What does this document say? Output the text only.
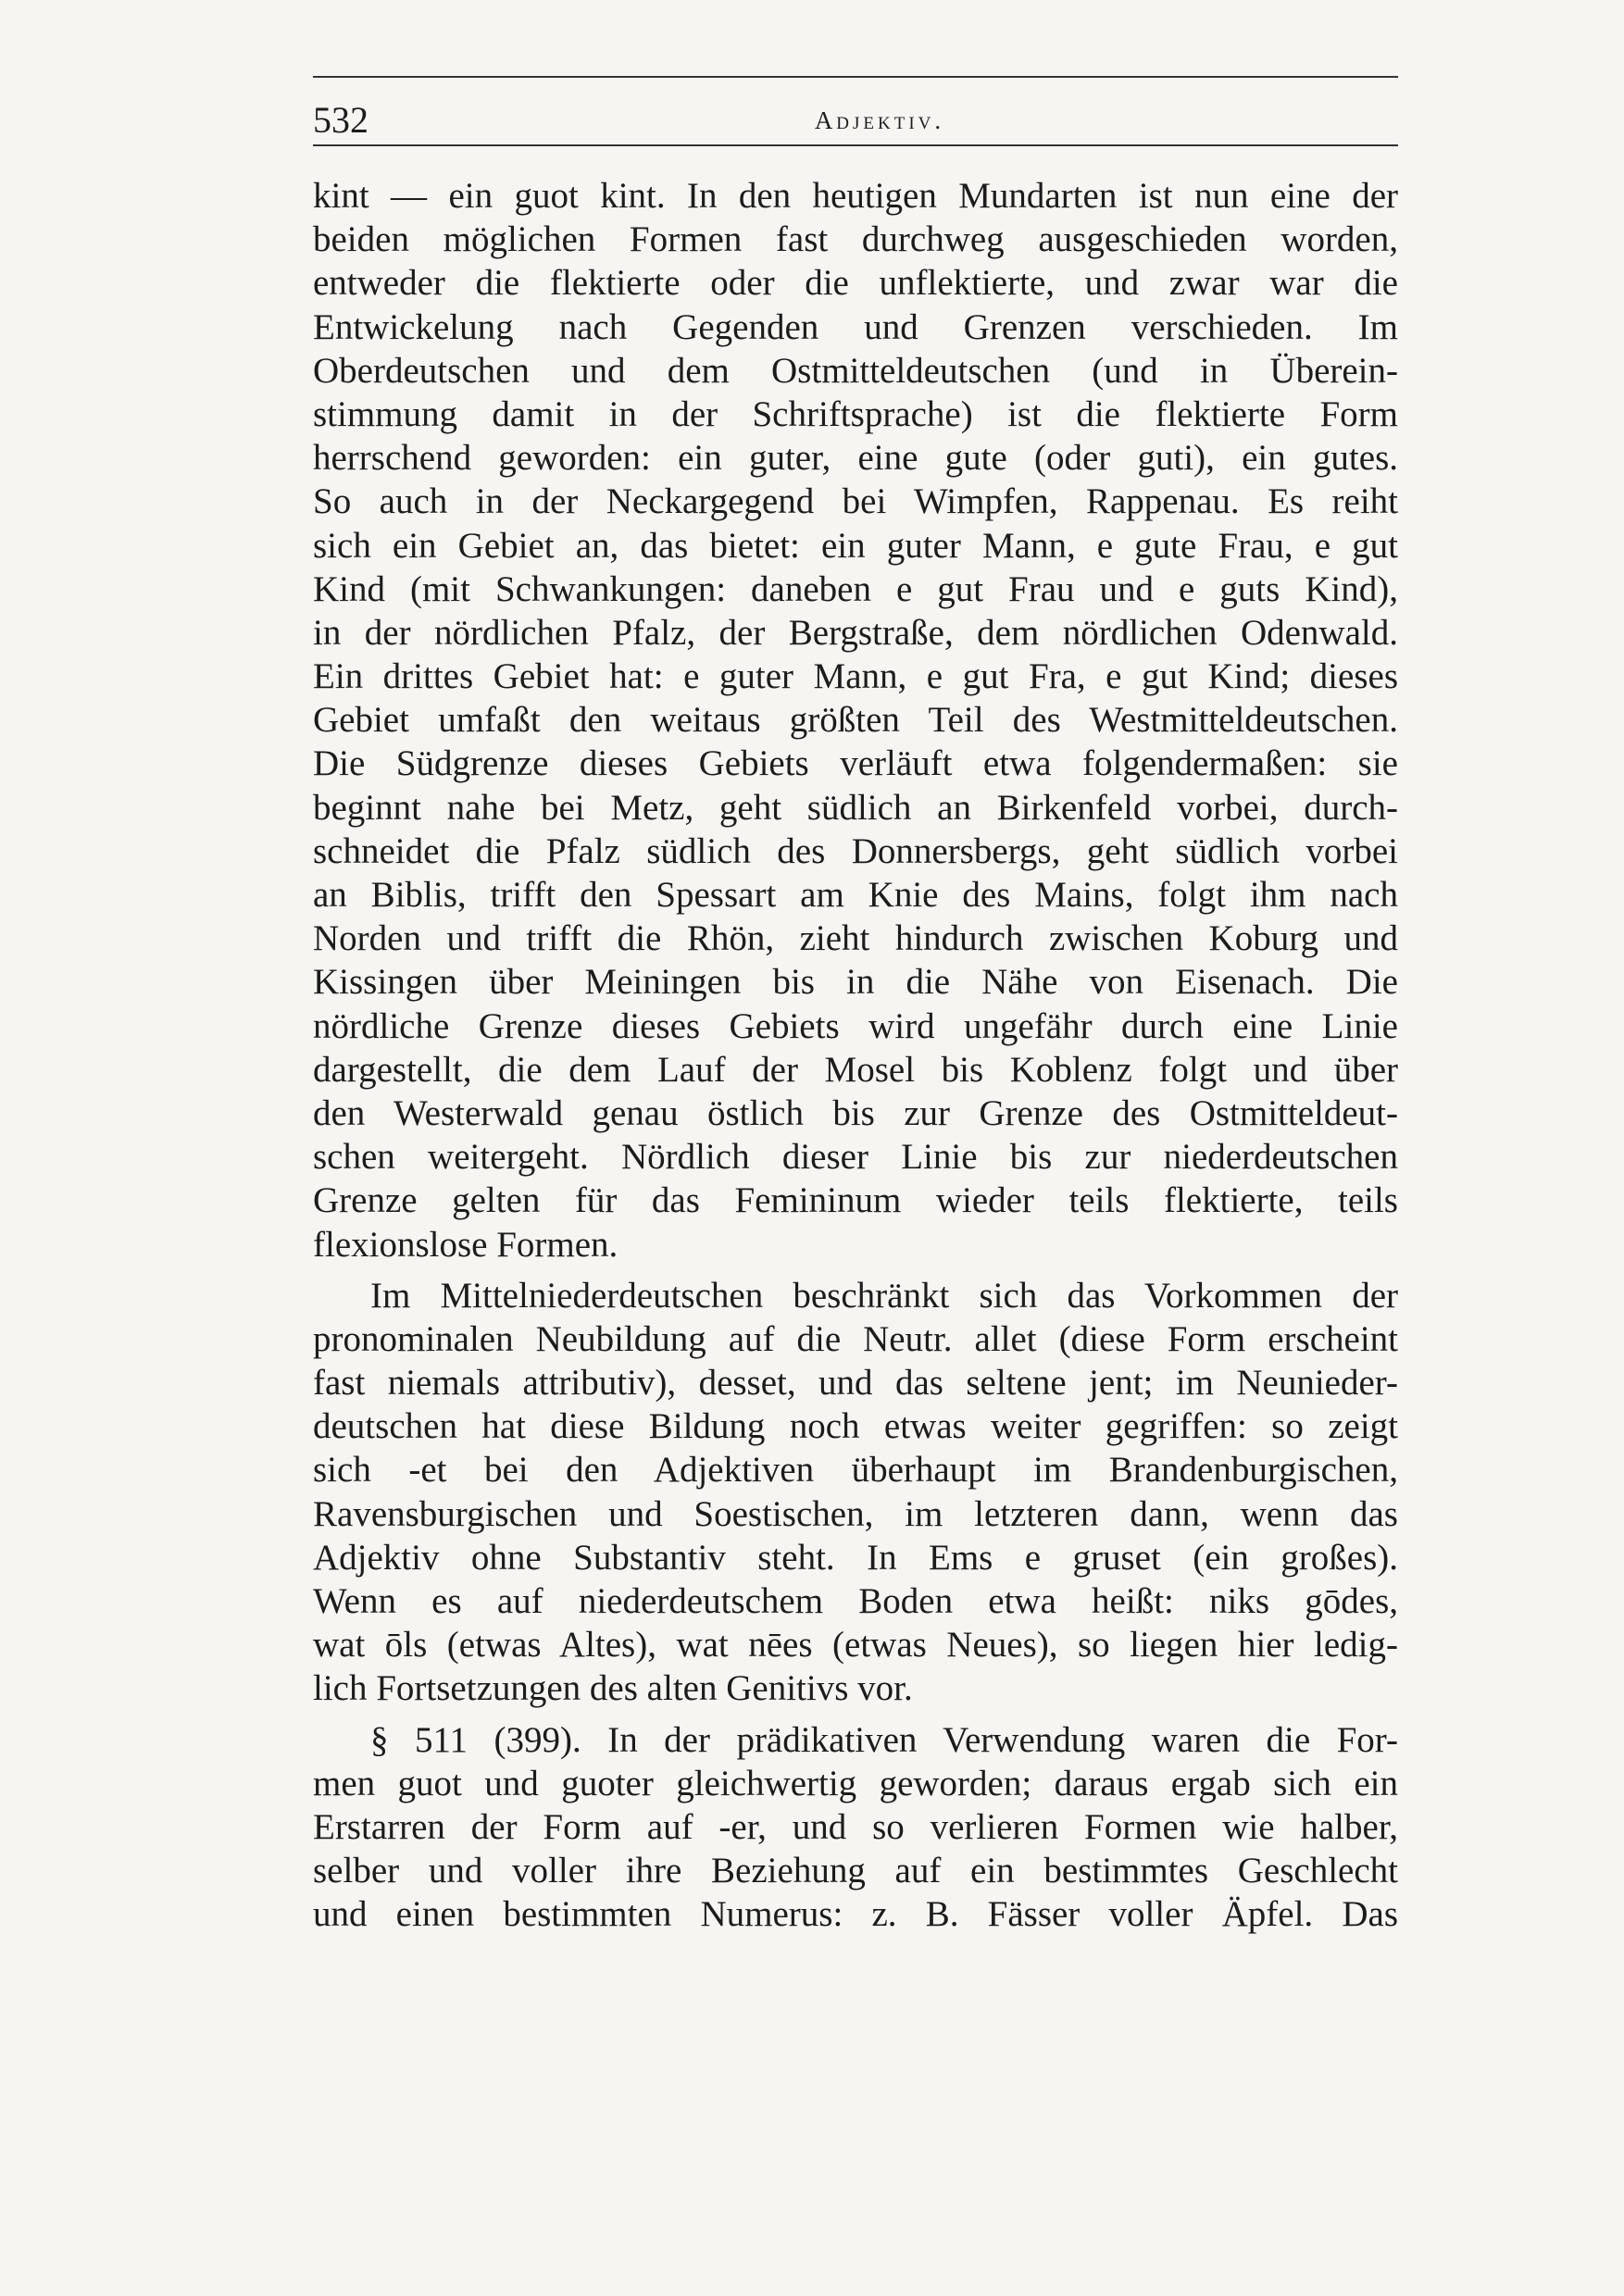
532	Adjektiv.
kint — ein guot kint. In den heutigen Mundarten ist nun eine der
beiden möglichen Formen fast durchweg ausgeschieden worden,
entweder die flektierte oder die unflektierte, und zwar war die
Entwickelung nach Gegenden und Grenzen verschieden. Im
Oberdeutschen und dem Ostmitteldeutschen (und in Überein-
stimmung damit in der Schriftsprache) ist die flektierte Form
herrschend geworden: ein guter, eine gute (oder guti), ein gutes.
So auch in der Neckargegend bei Wimpfen, Rappenau. Es reiht
sich ein Gebiet an, das bietet: ein guter Mann, e gute Frau, e gut
Kind (mit Schwankungen: daneben e gut Frau und e guts Kind),
in der nördlichen Pfalz, der Bergstraße, dem nördlichen Odenwald.
Ein drittes Gebiet hat: e guter Mann, e gut Fra, e gut Kind; dieses
Gebiet umfaßt den weitaus größten Teil des Westmitteldeutschen.
Die Südgrenze dieses Gebiets verläuft etwa folgendermaßen: sie
beginnt nahe bei Metz, geht südlich an Birkenfeld vorbei, durch-
schneidet die Pfalz südlich des Donnersbergs, geht südlich vorbei
an Biblis, trifft den Spessart am Knie des Mains, folgt ihm nach
Norden und trifft die Rhön, zieht hindurch zwischen Koburg und
Kissingen über Meiningen bis in die Nähe von Eisenach. Die
nördliche Grenze dieses Gebiets wird ungefähr durch eine Linie
dargestellt, die dem Lauf der Mosel bis Koblenz folgt und über
den Westerwald genau östlich bis zur Grenze des Ostmitteldeut-
schen weitergeht. Nördlich dieser Linie bis zur niederdeutschen
Grenze gelten für das Femininum wieder teils flektierte, teils
flexionslose Formen.
Im Mittelniederdeutschen beschränkt sich das Vorkommen der
pronominalen Neubildung auf die Neutr. allet (diese Form erscheint
fast niemals attributiv), desset, und das seltene jent; im Neunieder-
deutschen hat diese Bildung noch etwas weiter gegriffen: so zeigt
sich -et bei den Adjektiven überhaupt im Brandenburgischen,
Ravensburgischen und Soestischen, im letzteren dann, wenn das
Adjektiv ohne Substantiv steht. In Ems e gruset (ein großes).
Wenn es auf niederdeutschem Boden etwa heißt: niks gōdes,
wat ōls (etwas Altes), wat nēes (etwas Neues), so liegen hier ledig-
lich Fortsetzungen des alten Genitivs vor.
§ 511 (399). In der prädikativen Verwendung waren die For-
men guot und guoter gleichwertig geworden; daraus ergab sich ein
Erstarren der Form auf -er, und so verlieren Formen wie halber,
selber und voller ihre Beziehung auf ein bestimmtes Geschlecht
und einen bestimmten Numerus: z. B. Fässer voller Äpfel. Das
